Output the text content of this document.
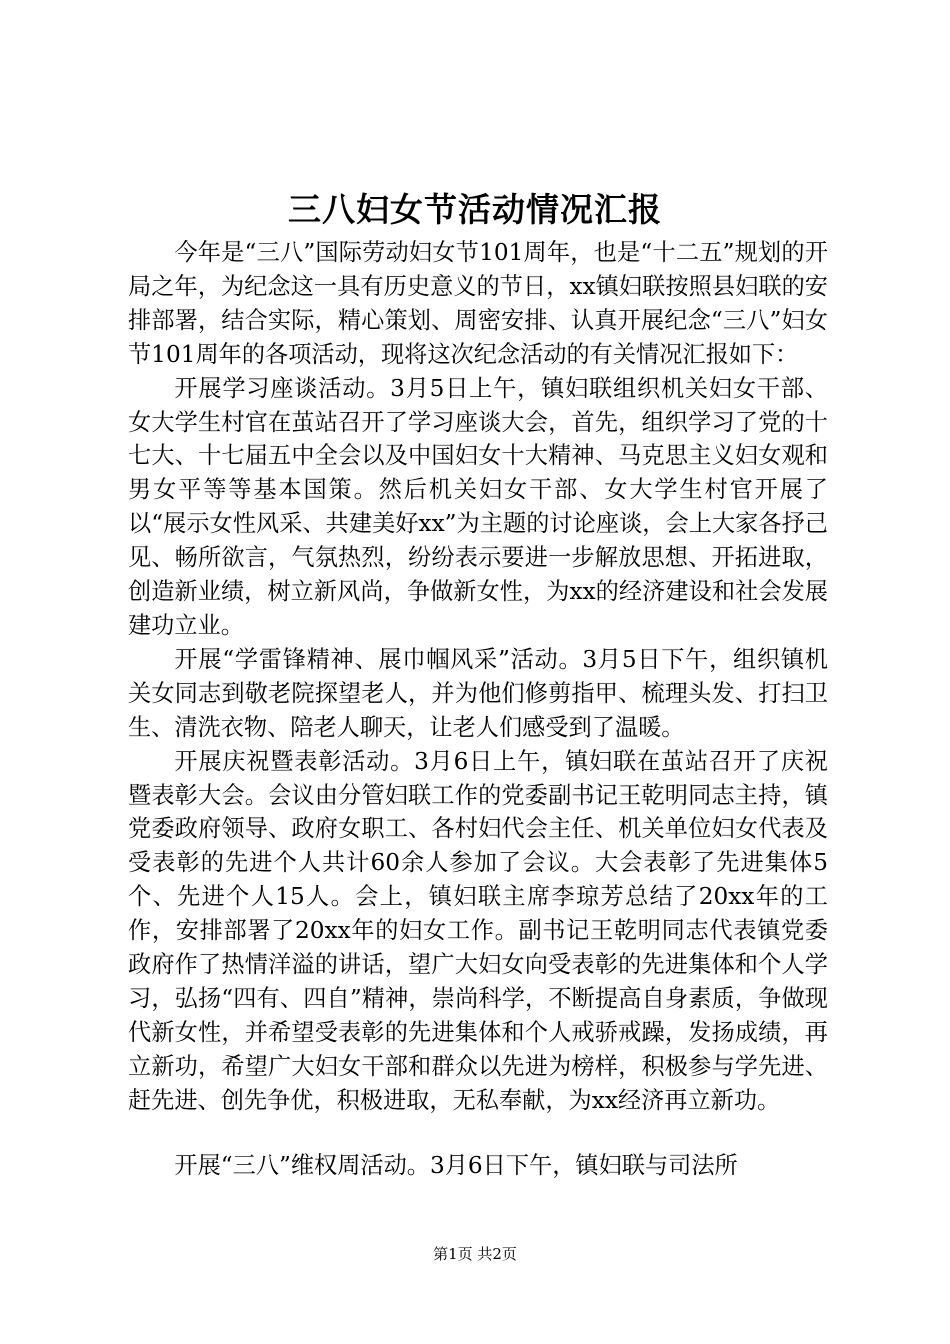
三八妇女节活动情况汇报

今年是“三八”国际劳动妇女节101周年，也是“十二五”规划的开局之年，为纪念这一具有历史意义的节日，xx镇妇联按照县妇联的安排部署，结合实际，精心策划、周密安排、认真开展纪念“三八”妇女节101周年的各项活动，现将这次纪念活动的有关情况汇报如下：

开展学习座谈活动。3月5日上午，镇妇联组织机关妇女干部、女大学生村官在茧站召开了学习座谈大会，首先，组织学习了党的十七大、十七届五中全会以及中国妇女十大精神、马克思主义妇女观和男女平等等基本国策。然后机关妇女干部、女大学生村官开展了以“展示女性风采、共建美好xx”为主题的讨论座谈，会上大家各抒己见、畅所欲言，气氛热烈，纷纷表示要进一步解放思想、开拓进取，创造新业绩，树立新风尚，争做新女性，为xx的经济建设和社会发展建功立业。

开展“学雷锋精神、展巾帼风采”活动。3月5日下午，组织镇机关女同志到敬老院探望老人，并为他们修剪指甲、梳理头发、打扫卫生、清洗衣物、陪老人聊天，让老人们感受到了温暖。

开展庆祝暨表彰活动。3月6日上午，镇妇联在茧站召开了庆祝暨表彰大会。会议由分管妇联工作的党委副书记王乾明同志主持，镇党委政府领导、政府女职工、各村妇代会主任、机关单位妇女代表及受表彰的先进个人共计60余人参加了会议。大会表彰了先进集体5个、先进个人15人。会上，镇妇联主席李琼芳总结了20xx年的工作，安排部署了20xx年的妇女工作。副书记王乾明同志代表镇党委政府作了热情洋溢的讲话，望广大妇女向受表彰的先进集体和个人学习，弘扬“四有、四自”精神，崇尚科学，不断提高自身素质，争做现代新女性，并希望受表彰的先进集体和个人戒骄戒躁，发扬成绩，再立新功，希望广大妇女干部和群众以先进为榜样，积极参与学先进、赶先进、创先争优，积极进取，无私奉献，为xx经济再立新功。

开展“三八”维权周活动。3月6日下午，镇妇联与司法所

第1页 共2页
